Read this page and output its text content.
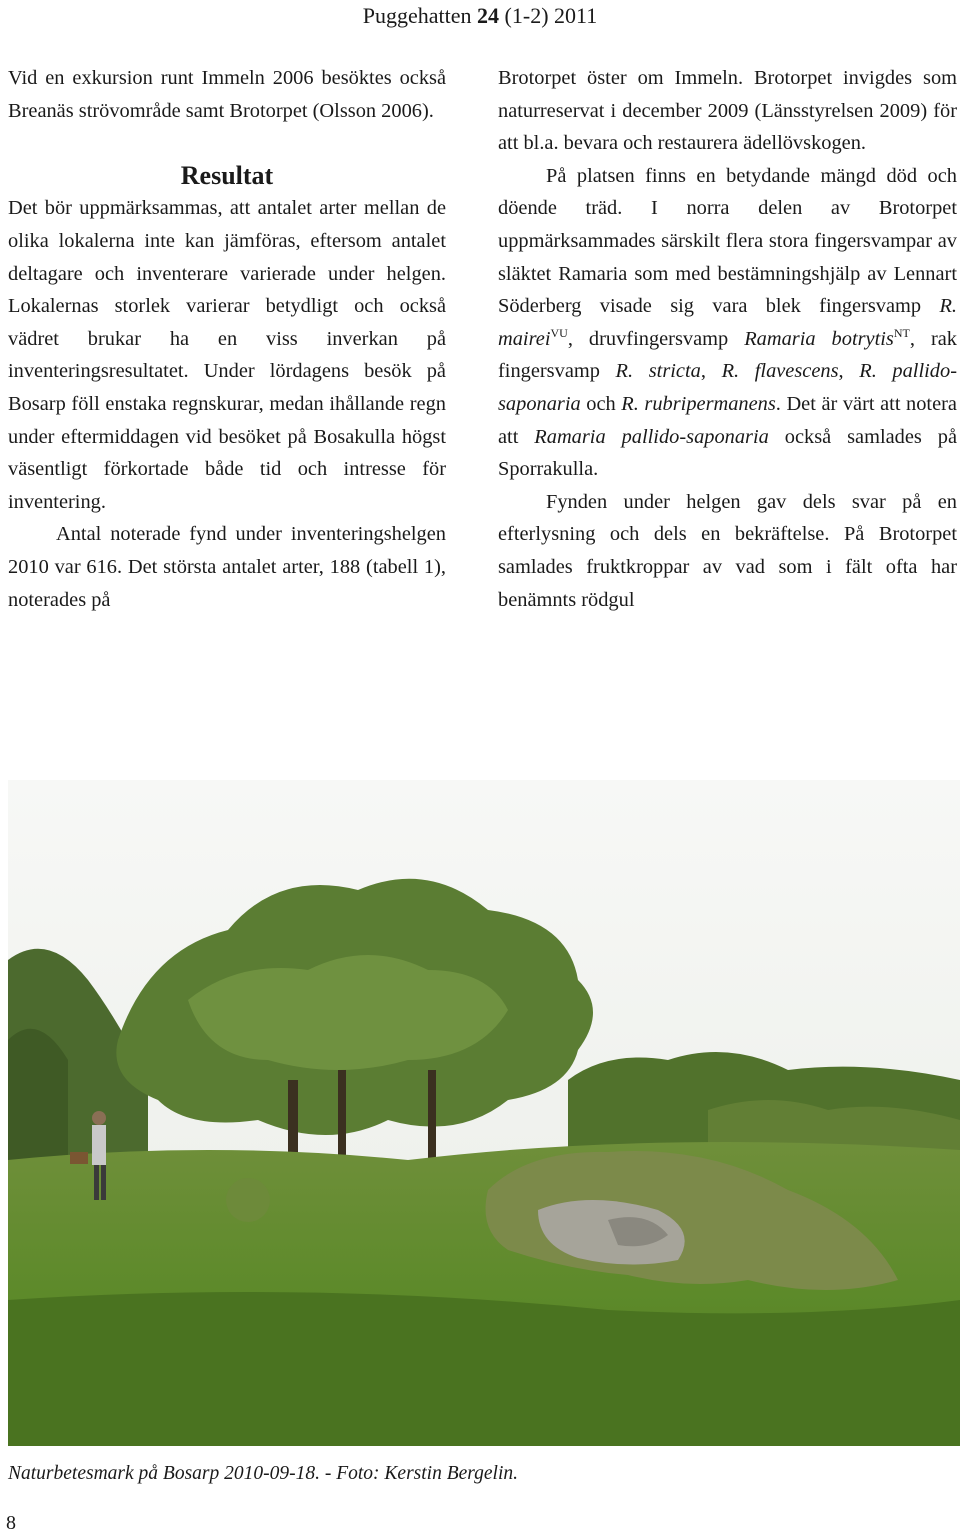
Puggehatten 24 (1-2) 2011

Vid en exkursion runt Immeln 2006 besöktes också Breanäs strövområde samt Brotorpet (Olsson 2006).

Resultat

Det bör uppmärksammas, att antalet arter mellan de olika lokalerna inte kan jämföras, eftersom antalet deltagare och inventerare varierade under helgen. Lokalernas storlek varierar betydligt och också vädret brukar ha en viss inverkan på inventeringsresultatet. Under lördagens besök på Bosarp föll enstaka regnskurar, medan ihållande regn under eftermiddagen vid besöket på Bosakulla högst väsentligt förkortade både tid och intresse för inventering.

Antal noterade fynd under inventeringshelgen 2010 var 616. Det största antalet arter, 188 (tabell 1), noterades på

Brotorpet öster om Immeln. Brotorpet invigdes som naturreservat i december 2009 (Länsstyrelsen 2009) för att bl.a. bevara och restaurera ädellövskogen.

På platsen finns en betydande mängd död och döende träd. I norra delen av Brotorpet uppmärksammades särskilt flera stora fingersvampar av släktet Ramaria som med bestämningshjälp av Lennart Söderberg visade sig vara blek fingersvamp R. mairei$^{VU}$, druvfingersvamp Ramaria botrytis$^{NT}$, rak fingersvamp R. stricta, R. flavescens, R. pallido-saponaria och R. rubripermanens. Det är värt att notera att Ramaria pallido-saponaria också samlades på Sporrakulla.

Fynden under helgen gav dels svar på en efterlysning och dels en bekräftelse. På Brotorpet samlades fruktkroppar av vad som i fält ofta har benämnts rödgul

Naturbetesmark på Bosarp 2010-09-18. - Foto: Kerstin Bergelin.
8
